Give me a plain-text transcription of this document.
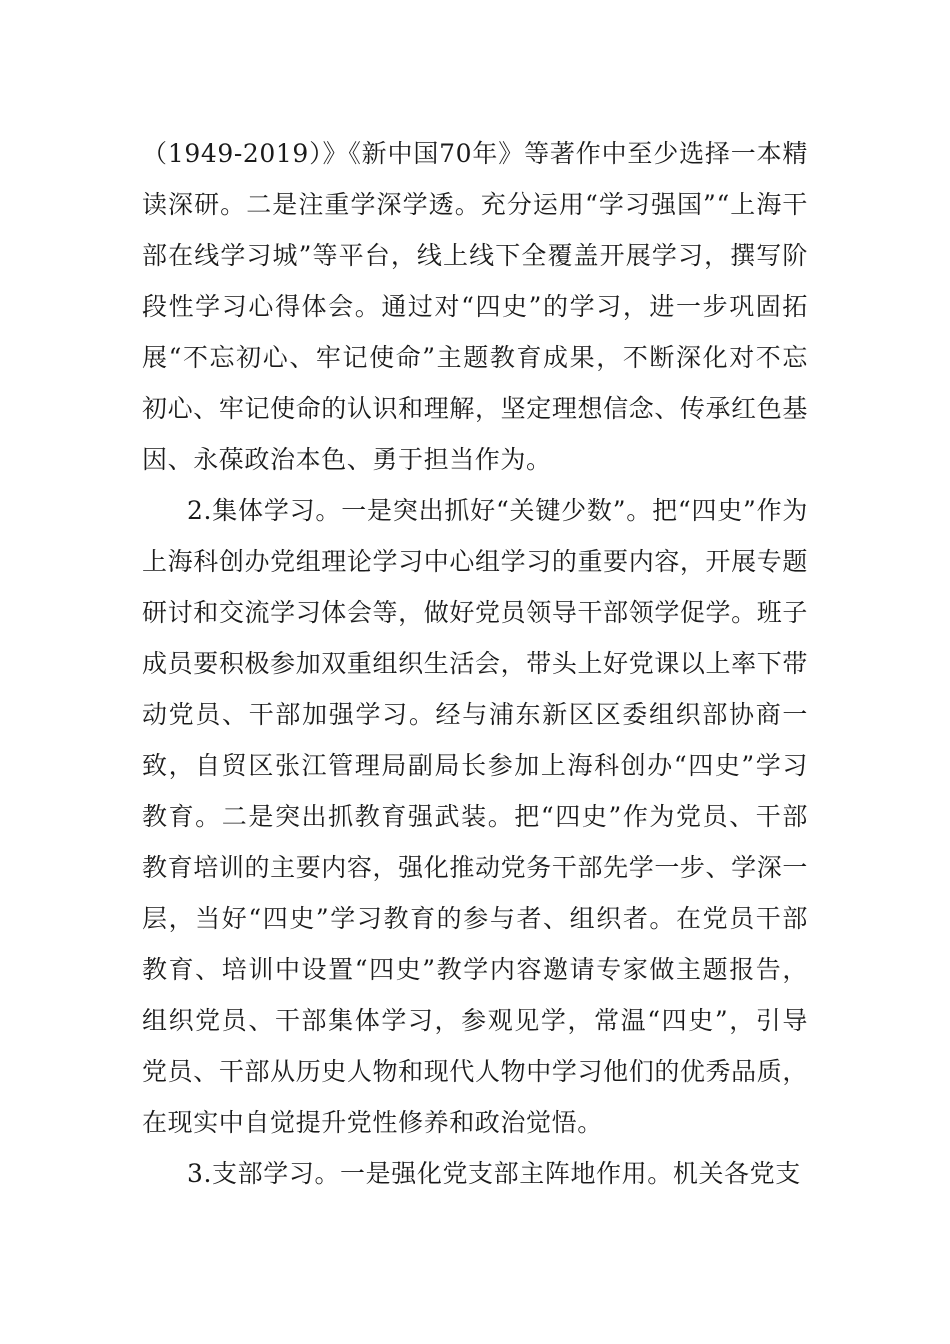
（1949-2019）》《新中国70年》等著作中至少选择一本精读深研。二是注重学深学透。充分运用“学习强国”“上海干部在线学习城”等平台，线上线下全覆盖开展学习，撰写阶段性学习心得体会。通过对“四史”的学习，进一步巩固拓展“不忘初心、牢记使命”主题教育成果，不断深化对不忘初心、牢记使命的认识和理解，坚定理想信念、传承红色基因、永葆政治本色、勇于担当作为。

2.集体学习。一是突出抓好“关键少数”。把“四史”作为上海科创办党组理论学习中心组学习的重要内容，开展专题研讨和交流学习体会等，做好党员领导干部领学促学。班子成员要积极参加双重组织生活会，带头上好党课以上率下带动党员、干部加强学习。经与浦东新区区委组织部协商一致，自贸区张江管理局副局长参加上海科创办“四史”学习教育。二是突出抓教育强武装。把“四史”作为党员、干部教育培训的主要内容，强化推动党务干部先学一步、学深一层，当好“四史”学习教育的参与者、组织者。在党员干部教育、培训中设置“四史”教学内容邀请专家做主题报告，组织党员、干部集体学习，参观见学，常温“四史”，引导党员、干部从历史人物和现代人物中学习他们的优秀品质，在现实中自觉提升党性修养和政治觉悟。

3.支部学习。一是强化党支部主阵地作用。机关各党支
